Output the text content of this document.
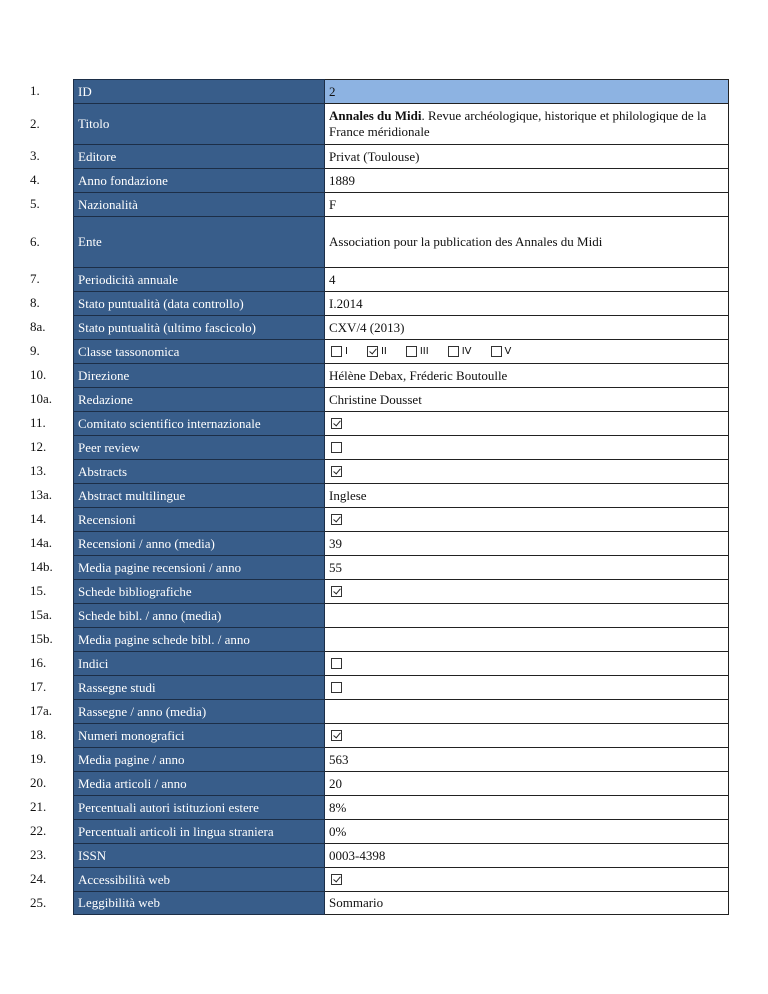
1.	ID	2
2.	Titolo
Annales du Midi. Revue archéologique, historique et philologique de la France méridionale
3.	Editore	Privat (Toulouse)
4.	Anno fondazione	1889
5.	Nazionalità	F
6.	Ente	Association pour la publication des Annales du Midi
7.	Periodicità annuale	4
8.	Stato puntualità (data controllo)	I.2014
8a.	Stato puntualità (ultimo fascicolo)	CXV/4 (2013)
9.	Classe tassonomica	I	II	III	IV	V
10.	Direzione	Hélène Debax, Fréderic Boutoulle
10a.	Redazione	Christine Dousset
11.	Comitato scientifico internazionale
12.	Peer review
13.	Abstracts
13a.	Abstract multilingue	Inglese
14.	Recensioni
14a.	Recensioni / anno (media)	39
14b.	Media pagine recensioni / anno	55
15.	Schede bibliografiche
15a.	Schede bibl. / anno (media)
15b.	Media pagine schede bibl. / anno
16.	Indici
17.	Rassegne studi
17a.	Rassegne / anno (media)
18.	Numeri monografici
19.	Media pagine / anno	563
20.	Media articoli / anno	20
21.	Percentuali autori istituzioni estere	8%
22.	Percentuali articoli in lingua straniera	0%
23.	ISSN	0003-4398
24.	Accessibilità web
25.	Leggibilità web	Sommario
